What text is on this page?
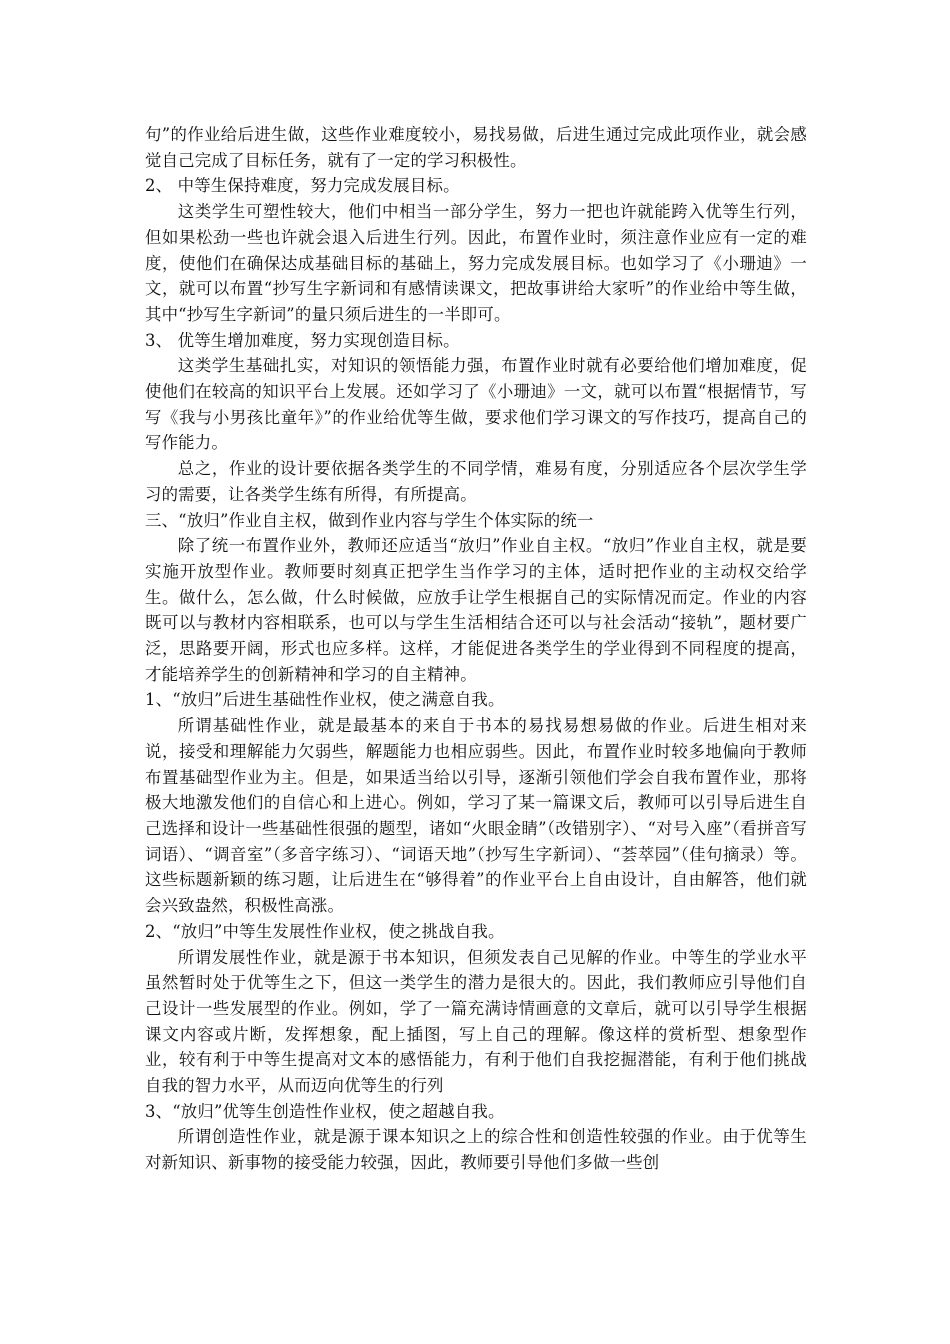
句”的作业给后进生做，这些作业难度较小，易找易做，后进生通过完成此项作业，就会感觉自己完成了目标任务，就有了一定的学习积极性。

2、 中等生保持难度，努力完成发展目标。

这类学生可塑性较大，他们中相当一部分学生，努力一把也许就能跨入优等生行列，但如果松劲一些也许就会退入后进生行列。因此，布置作业时，须注意作业应有一定的难度，使他们在确保达成基础目标的基础上，努力完成发展目标。也如学习了《小珊迪》一文，就可以布置“抄写生字新词和有感情读课文，把故事讲给大家听”的作业给中等生做，其中“抄写生字新词”的量只须后进生的一半即可。

3、 优等生增加难度，努力实现创造目标。

这类学生基础扎实，对知识的领悟能力强，布置作业时就有必要给他们增加难度，促使他们在较高的知识平台上发展。还如学习了《小珊迪》一文，就可以布置“根据情节，写写《我与小男孩比童年》”的作业给优等生做，要求他们学习课文的写作技巧，提高自己的写作能力。

总之，作业的设计要依据各类学生的不同学情，难易有度，分别适应各个层次学生学习的需要，让各类学生练有所得，有所提高。

三、“放归”作业自主权，做到作业内容与学生个体实际的统一

除了统一布置作业外，教师还应适当“放归”作业自主权。“放归”作业自主权，就是要实施开放型作业。教师要时刻真正把学生当作学习的主体，适时把作业的主动权交给学生。做什么，怎么做，什么时候做，应放手让学生根据自己的实际情况而定。作业的内容既可以与教材内容相联系，也可以与学生生活相结合还可以与社会活动“接轨”，题材要广泛，思路要开阔，形式也应多样。这样，才能促进各类学生的学业得到不同程度的提高，才能培养学生的创新精神和学习的自主精神。

1、“放归”后进生基础性作业权，使之满意自我。

所谓基础性作业，就是最基本的来自于书本的易找易想易做的作业。后进生相对来说，接受和理解能力欠弱些，解题能力也相应弱些。因此，布置作业时较多地偏向于教师布置基础型作业为主。但是，如果适当给以引导，逐渐引领他们学会自我布置作业，那将极大地激发他们的自信心和上进心。例如，学习了某一篇课文后，教师可以引导后进生自己选择和设计一些基础性很强的题型，诸如“火眼金睛”（改错别字）、“对号入座”（看拼音写词语）、“调音室”（多音字练习）、“词语天地”（抄写生字新词）、“荟萃园”（佳句摘录）等。这些标题新颖的练习题，让后进生在“够得着”的作业平台上自由设计，自由解答，他们就会兴致盎然，积极性高涨。

2、“放归”中等生发展性作业权，使之挑战自我。

所谓发展性作业，就是源于书本知识，但须发表自己见解的作业。中等生的学业水平虽然暂时处于优等生之下，但这一类学生的潜力是很大的。因此，我们教师应引导他们自己设计一些发展型的作业。例如，学了一篇充满诗情画意的文章后，就可以引导学生根据课文内容或片断，发挥想象，配上插图，写上自己的理解。像这样的赏析型、想象型作业，较有利于中等生提高对文本的感悟能力，有利于他们自我挖掘潜能，有利于他们挑战自我的智力水平，从而迈向优等生的行列

3、“放归”优等生创造性作业权，使之超越自我。

所谓创造性作业，就是源于课本知识之上的综合性和创造性较强的作业。由于优等生对新知识、新事物的接受能力较强，因此，教师要引导他们多做一些创
